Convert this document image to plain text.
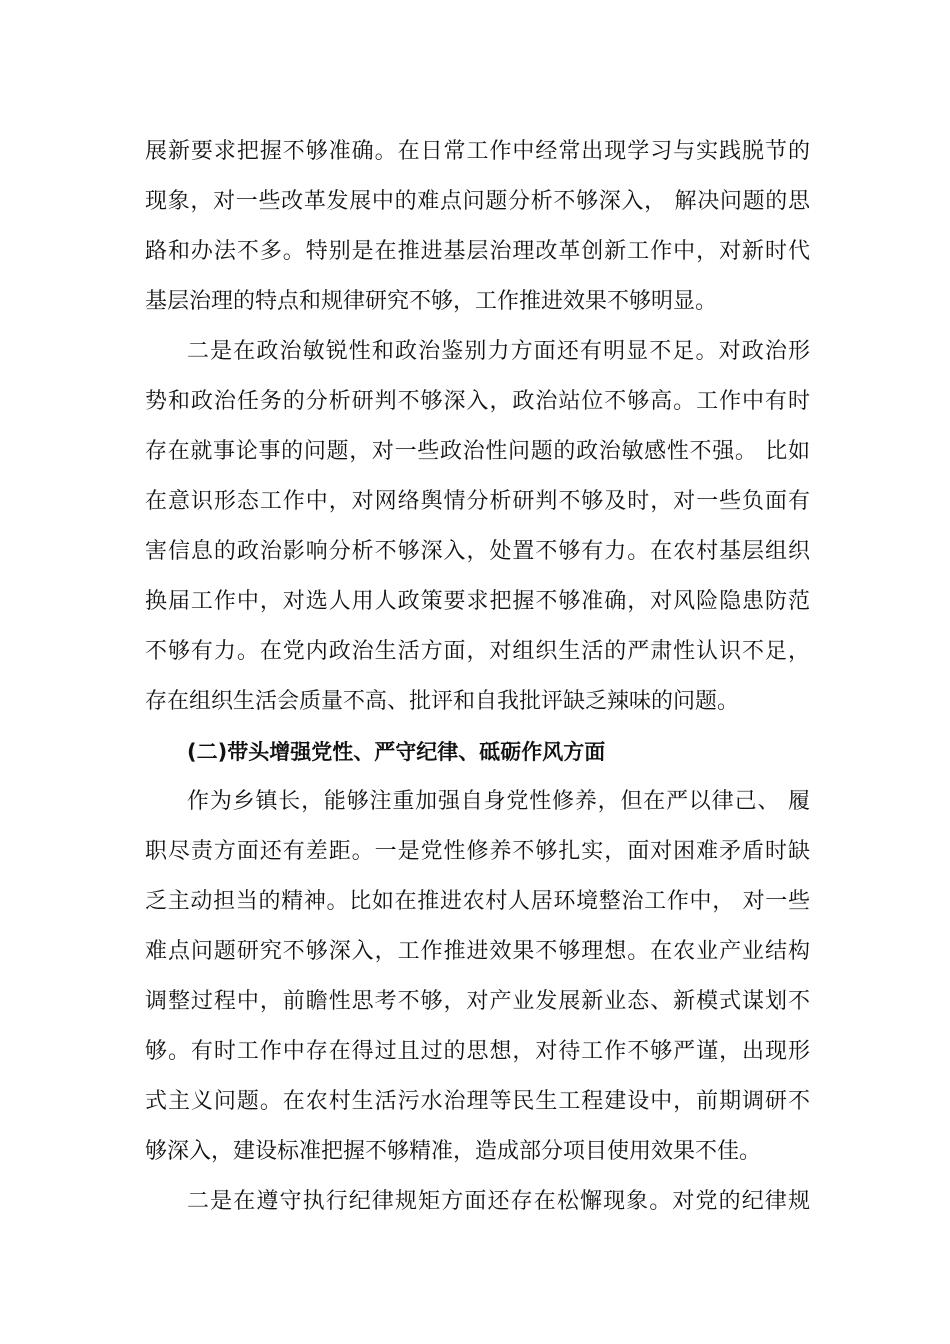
展新要求把握不够准确。在日常工作中经常出现学习与实践脱节的
现象，对一些改革发展中的难点问题分析不够深入， 解决问题的思
路和办法不多。特别是在推进基层治理改革创新工作中，对新时代
基层治理的特点和规律研究不够，工作推进效果不够明显。
二是在政治敏锐性和政治鉴别力方面还有明显不足。对政治形
势和政治任务的分析研判不够深入，政治站位不够高。工作中有时
存在就事论事的问题，对一些政治性问题的政治敏感性不强。 比如
在意识形态工作中，对网络舆情分析研判不够及时，对一些负面有
害信息的政治影响分析不够深入，处置不够有力。在农村基层组织
换届工作中，对选人用人政策要求把握不够准确，对风险隐患防范
不够有力。在党内政治生活方面，对组织生活的严肃性认识不足，
存在组织生活会质量不高、批评和自我批评缺乏辣味的问题。
(二)带头增强党性、严守纪律、砥砺作风方面
作为乡镇长，能够注重加强自身党性修养，但在严以律己、 履
职尽责方面还有差距。一是党性修养不够扎实，面对困难矛盾时缺
乏主动担当的精神。比如在推进农村人居环境整治工作中， 对一些
难点问题研究不够深入，工作推进效果不够理想。在农业产业结构
调整过程中，前瞻性思考不够，对产业发展新业态、新模式谋划不
够。有时工作中存在得过且过的思想，对待工作不够严谨，出现形
式主义问题。在农村生活污水治理等民生工程建设中，前期调研不
够深入，建设标准把握不够精准，造成部分项目使用效果不佳。
二是在遵守执行纪律规矩方面还存在松懈现象。对党的纪律规
